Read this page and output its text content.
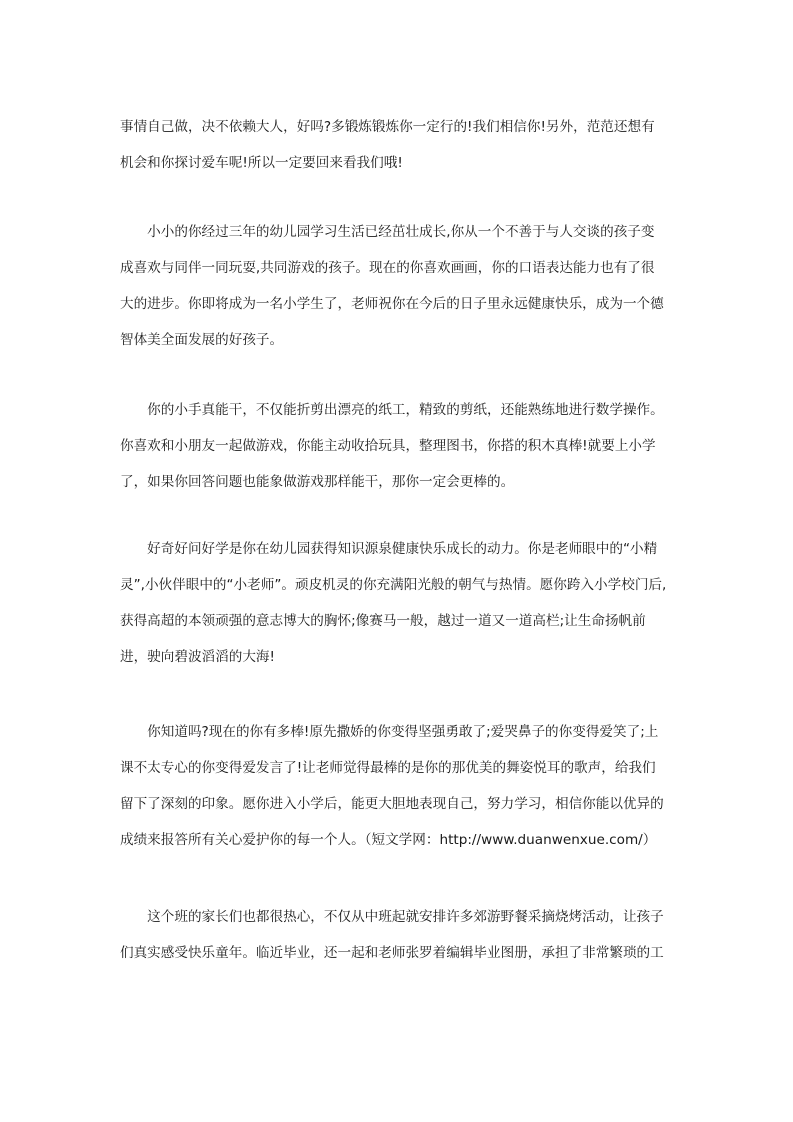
事情自己做，决不依赖大人，好吗?多锻炼锻炼你一定行的!我们相信你!另外，范范还想有
机会和你探讨爱车呢!所以一定要回来看我们哦!
　　小小的你经过三年的幼儿园学习生活已经茁壮成长,你从一个不善于与人交谈的孩子变
成喜欢与同伴一同玩耍,共同游戏的孩子。现在的你喜欢画画，你的口语表达能力也有了很
大的进步。你即将成为一名小学生了，老师祝你在今后的日子里永远健康快乐，成为一个德
智体美全面发展的好孩子。
　　你的小手真能干，不仅能折剪出漂亮的纸工，精致的剪纸，还能熟练地进行数学操作。
你喜欢和小朋友一起做游戏，你能主动收拾玩具，整理图书，你搭的积木真棒!就要上小学
了，如果你回答问题也能象做游戏那样能干，那你一定会更棒的。
　　好奇好问好学是你在幼儿园获得知识源泉健康快乐成长的动力。你是老师眼中的“小精
灵”,小伙伴眼中的“小老师”。顽皮机灵的你充满阳光般的朝气与热情。愿你跨入小学校门后,
获得高超的本领顽强的意志博大的胸怀;像赛马一般，越过一道又一道高栏;让生命扬帆前
进，驶向碧波滔滔的大海!
　　你知道吗?现在的你有多棒!原先撒娇的你变得坚强勇敢了;爱哭鼻子的你变得爱笑了;上
课不太专心的你变得爱发言了!让老师觉得最棒的是你的那优美的舞姿悦耳的歌声，给我们
留下了深刻的印象。愿你进入小学后，能更大胆地表现自己，努力学习，相信你能以优异的
成绩来报答所有关心爱护你的每一个人。（短文学网：http://www.duanwenxue.com/）
　　这个班的家长们也都很热心，不仅从中班起就安排许多郊游野餐采摘烧烤活动，让孩子
们真实感受快乐童年。临近毕业，还一起和老师张罗着编辑毕业图册，承担了非常繁琐的工
